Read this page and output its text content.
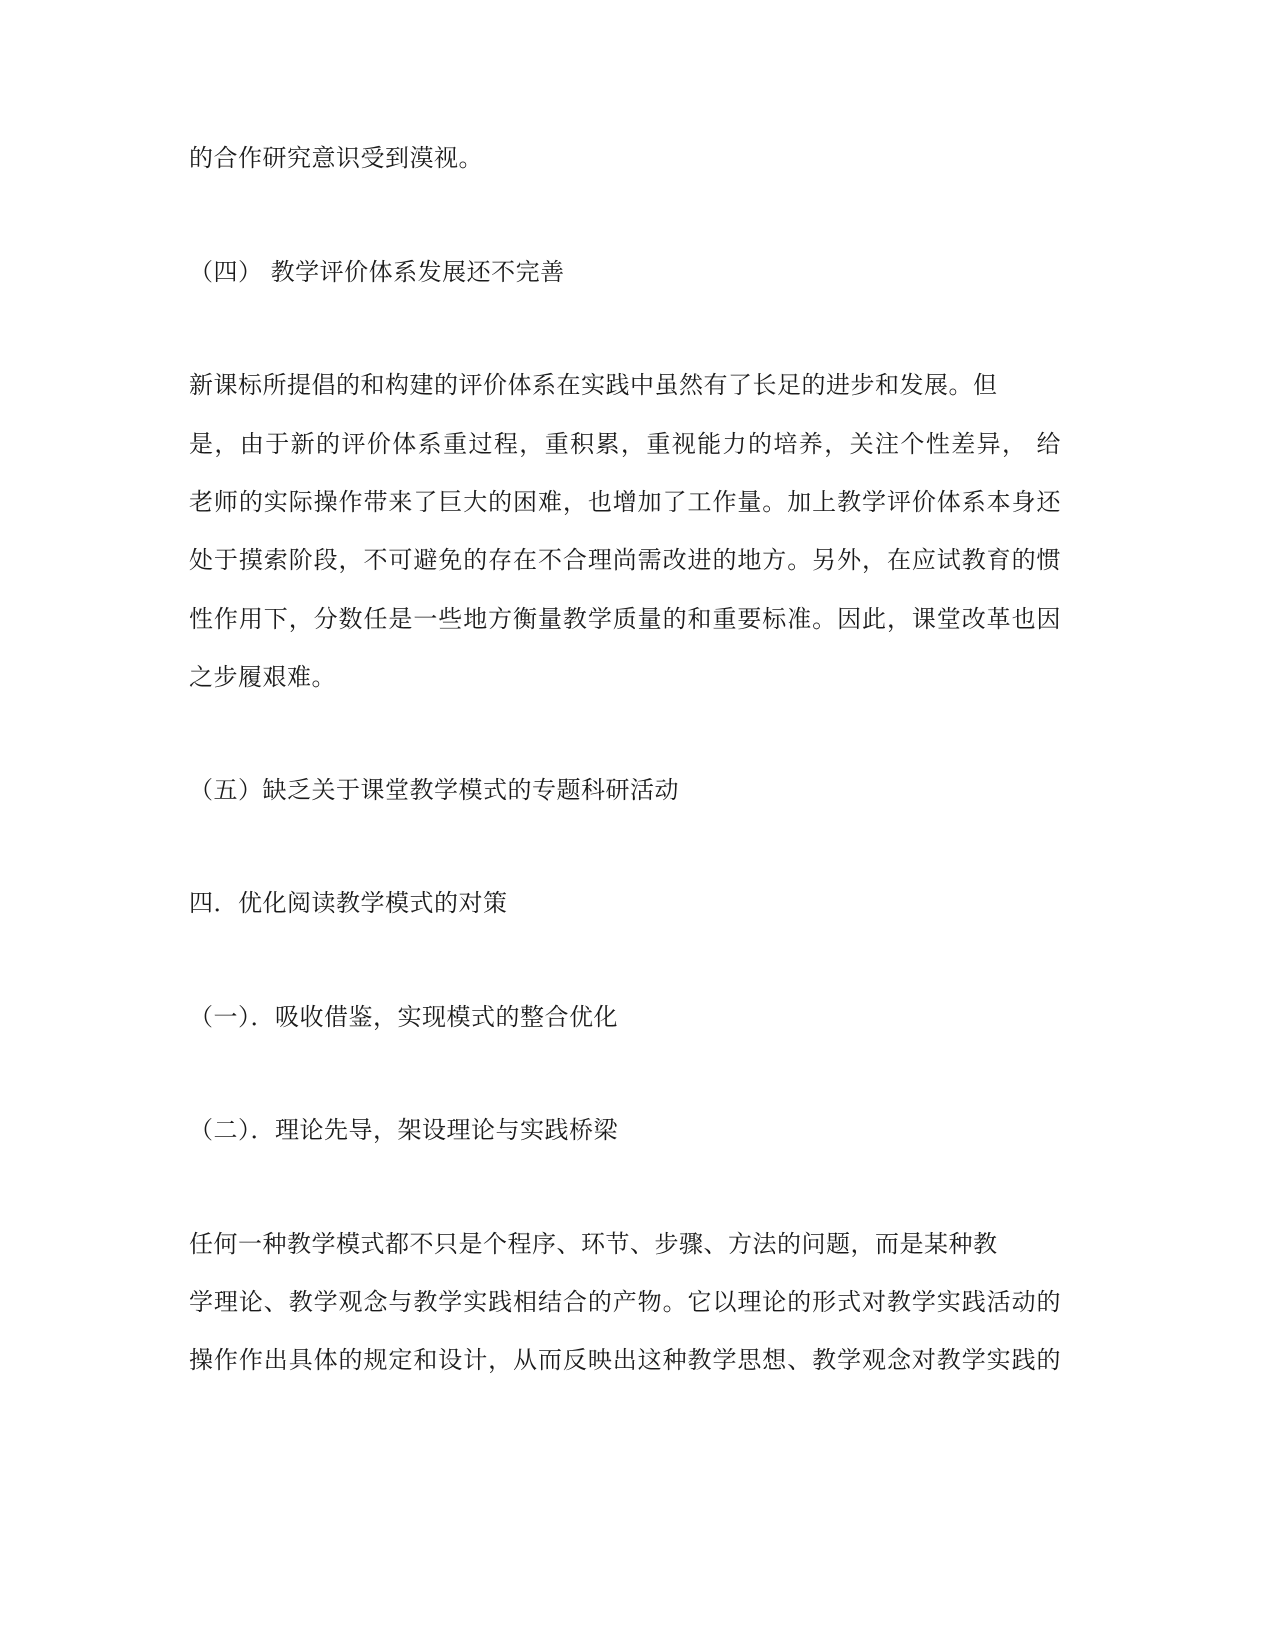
的合作研究意识受到漠视。
（四） 教学评价体系发展还不完善
新课标所提倡的和构建的评价体系在实践中虽然有了长足的进步和发展。但
是，由于新的评价体系重过程，重积累，重视能力的培养，关注个性差异， 给
老师的实际操作带来了巨大的困难，也增加了工作量。加上教学评价体系本身还
处于摸索阶段，不可避免的存在不合理尚需改进的地方。另外，在应试教育的惯
性作用下，分数任是一些地方衡量教学质量的和重要标准。因此，课堂改革也因
之步履艰难。
（五）缺乏关于课堂教学模式的专题科研活动
四．优化阅读教学模式的对策
（一）．吸收借鉴，实现模式的整合优化
（二）．理论先导，架设理论与实践桥梁
任何一种教学模式都不只是个程序、环节、步骤、方法的问题，而是某种教
学理论、教学观念与教学实践相结合的产物。它以理论的形式对教学实践活动的
操作作出具体的规定和设计，从而反映出这种教学思想、教学观念对教学实践的
